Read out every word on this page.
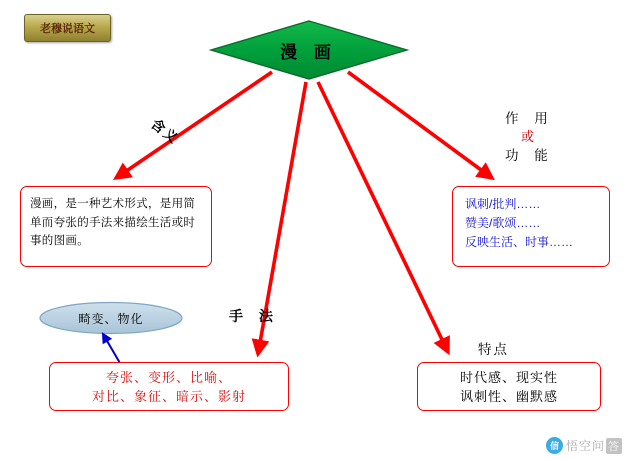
老穆说语文
漫 画
含义
手 法
特点
作 用
或
功 能
漫画，是一种艺术形式，是用简单而夸张的手法来描绘生活或时事的图画。
讽刺/批判……
赞美/歌颂……
反映生活、时事……
夸张、变形、比喻、
对比、象征、暗示、影射
时代感、现实性
讽刺性、幽默感
畸变、物化
信 悟空问 答
